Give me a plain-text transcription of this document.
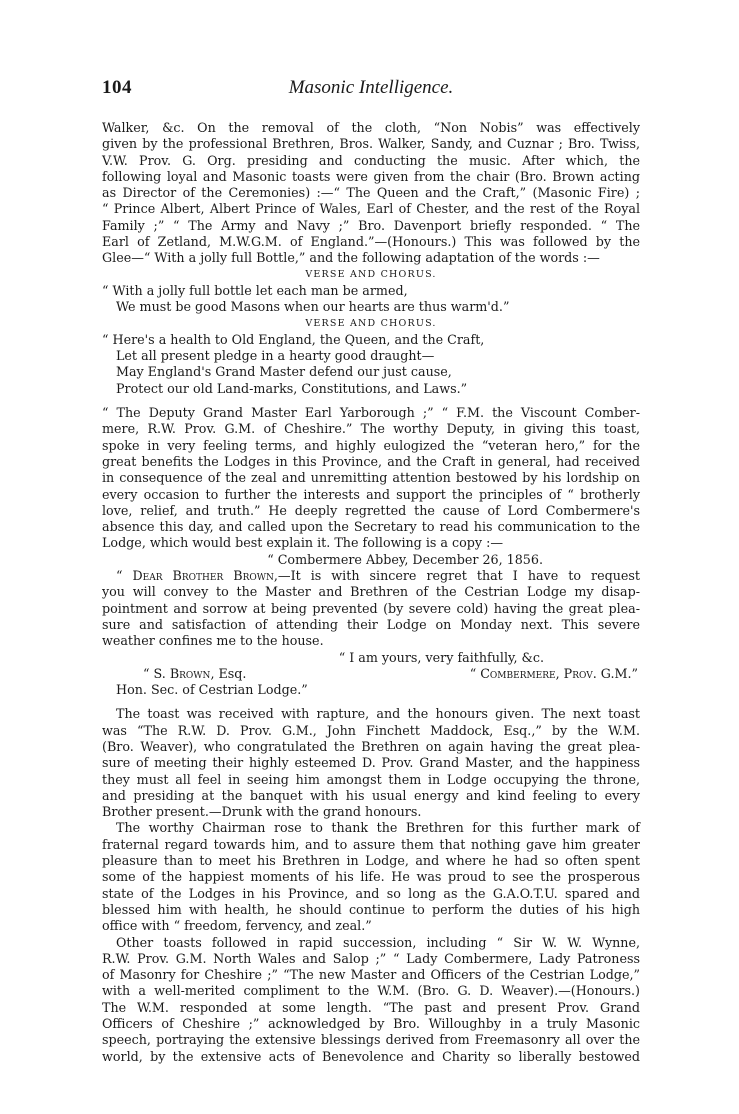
104	Masonic Intelligence.

Walker, &c. On the removal of the cloth, “Non Nobis” was effectively

given by the professional Brethren, Bros. Walker, Sandy, and Cuznar ; Bro. Twiss,

V.W. Prov. G. Org. presiding and conducting the music. After which, the

following loyal and Masonic toasts were given from the chair (Bro. Brown acting

as Director of the Ceremonies) :—“ The Queen and the Craft,” (Masonic Fire) ;

“ Prince Albert, Albert Prince of Wales, Earl of Chester, and the rest of the Royal

Family ;” “ The Army and Navy ;” Bro. Davenport briefly responded. “ The

Earl of Zetland, M.W.G.M. of England.”—(Honours.) This was followed by the

Glee—“ With a jolly full Bottle,” and the following adaptation of the words :—

VERSE AND CHORUS.

“ With a jolly full bottle let each man be armed,

We must be good Masons when our hearts are thus warm'd.”

VERSE AND CHORUS.

“ Here's a health to Old England, the Queen, and the Craft,

Let all present pledge in a hearty good draught—

May England's Grand Master defend our just cause,

Protect our old Land-marks, Constitutions, and Laws.”

“ The Deputy Grand Master Earl Yarborough ;” “ F.M. the Viscount Comber-

mere, R.W. Prov. G.M. of Cheshire.” The worthy Deputy, in giving this toast,

spoke in very feeling terms, and highly eulogized the “veteran hero,” for the

great benefits the Lodges in this Province, and the Craft in general, had received

in consequence of the zeal and unremitting attention bestowed by his lordship on

every occasion to further the interests and support the principles of “ brotherly

love, relief, and truth.” He deeply regretted the cause of Lord Combermere's

absence this day, and called upon the Secretary to read his communication to the

Lodge, which would best explain it. The following is a copy :—

“ Combermere Abbey, December 26, 1856.

“ Dear Brother Brown,—It is with sincere regret that I have to request

you will convey to the Master and Brethren of the Cestrian Lodge my disap-

pointment and sorrow at being prevented (by severe cold) having the great plea-

sure and satisfaction of attending their Lodge on Monday next. This severe

weather confines me to the house.

“ I am yours, very faithfully, &c.

“ S. Brown, Esq.	“ Combermere, Prov. G.M.”

Hon. Sec. of Cestrian Lodge.”

The toast was received with rapture, and the honours given. The next toast

was “The R.W. D. Prov. G.M., John Finchett Maddock, Esq.,” by the W.M.

(Bro. Weaver), who congratulated the Brethren on again having the great plea-

sure of meeting their highly esteemed D. Prov. Grand Master, and the happiness

they must all feel in seeing him amongst them in Lodge occupying the throne,

and presiding at the banquet with his usual energy and kind feeling to every

Brother present.—Drunk with the grand honours.

The worthy Chairman rose to thank the Brethren for this further mark of

fraternal regard towards him, and to assure them that nothing gave him greater

pleasure than to meet his Brethren in Lodge, and where he had so often spent

some of the happiest moments of his life. He was proud to see the prosperous

state of the Lodges in his Province, and so long as the G.A.O.T.U. spared and

blessed him with health, he should continue to perform the duties of his high

office with “ freedom, fervency, and zeal.”

Other toasts followed in rapid succession, including “ Sir W. W. Wynne,

R.W. Prov. G.M. North Wales and Salop ;” “ Lady Combermere, Lady Patroness

of Masonry for Cheshire ;” “The new Master and Officers of the Cestrian Lodge,”

with a well-merited compliment to the W.M. (Bro. G. D. Weaver).—(Honours.)

The W.M. responded at some length. “The past and present Prov. Grand

Officers of Cheshire ;” acknowledged by Bro. Willoughby in a truly Masonic

speech, portraying the extensive blessings derived from Freemasonry all over the

world, by the extensive acts of Benevolence and Charity so liberally bestowed
